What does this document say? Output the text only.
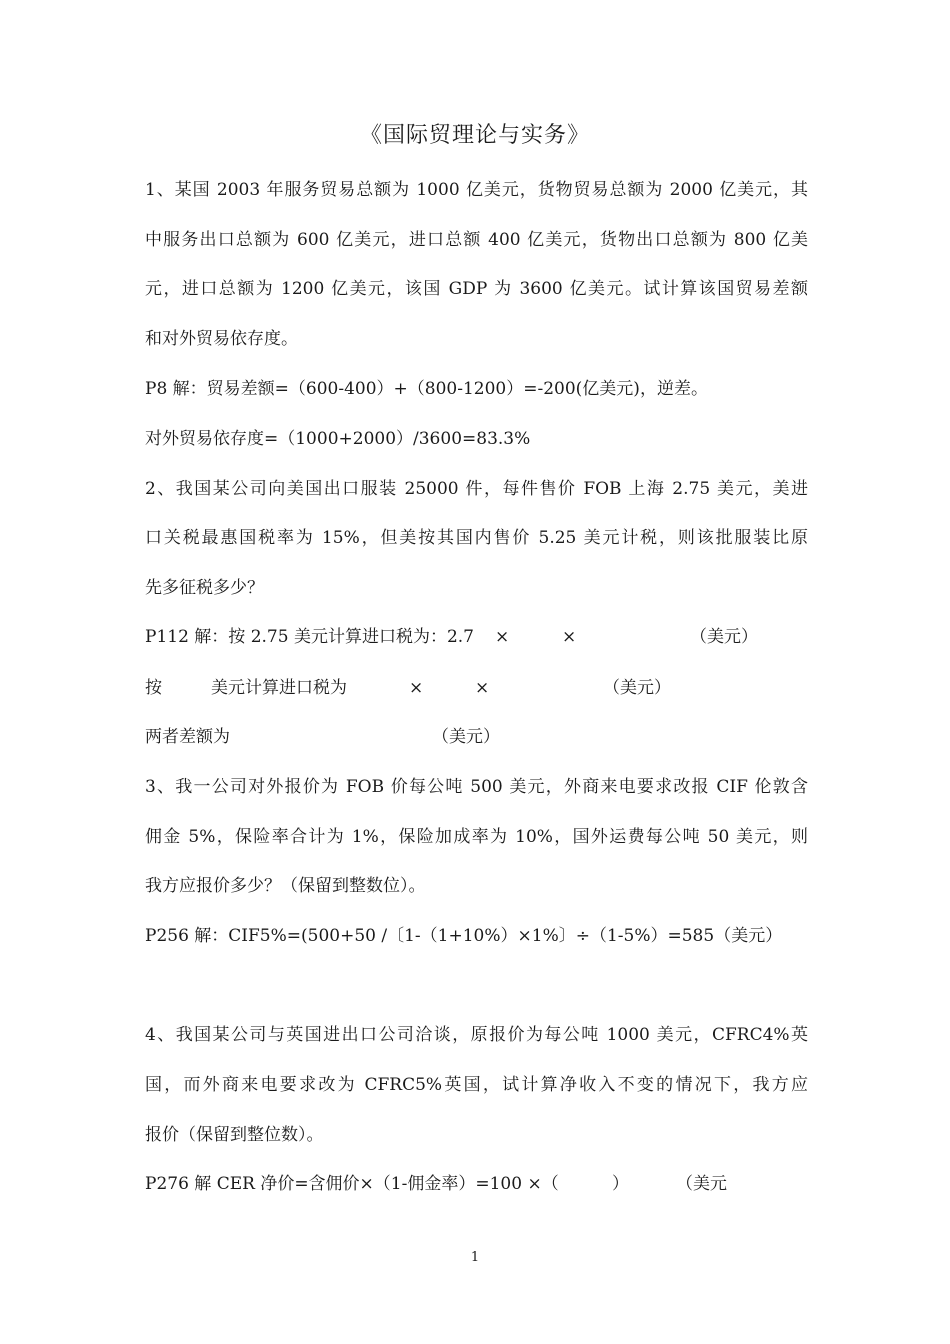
《国际贸理论与实务》
1、某国 2003 年服务贸易总额为 1000 亿美元，货物贸易总额为 2000 亿美元，其
中服务出口总额为 600 亿美元，进口总额 400 亿美元，货物出口总额为 800 亿美
元，进口总额为 1200 亿美元，该国 GDP 为 3600 亿美元。试计算该国贸易差额
和对外贸易依存度。
P8 解：贸易差额=（600-400）+（800-1200）=-200(亿美元)，逆差。
对外贸易依存度=（1000+2000）/3600=83.3%
2、我国某公司向美国出口服装 25000 件，每件售价 FOB 上海 2.75 美元，美进
口关税最惠国税率为 15%，但美按其国内售价 5.25 美元计税，则该批服装比原
先多征税多少？
P112 解：按 2.75 美元计算进口税为：2.7 ×	×	（美元）
按	美元计算进口税为	×	×	（美元）
两者差额为	（美元）
3、我一公司对外报价为 FOB 价每公吨 500 美元，外商来电要求改报 CIF 伦敦含
佣金 5%，保险率合计为 1%，保险加成率为 10%，国外运费每公吨 50 美元，则
我方应报价多少？（保留到整数位）。
P256 解：CIF5%=(500+50 /〔1-（1+10%）×1%〕÷（1-5%）=585（美元）
4、我国某公司与英国进出口公司洽谈，原报价为每公吨 1000 美元，CFRC4%英
国，而外商来电要求改为 CFRC5%英国，试计算净收入不变的情况下，我方应
报价（保留到整位数）。
P276 解 CER 净价=含佣价×（1-佣金率）=100 ×（	）	（美元
1
